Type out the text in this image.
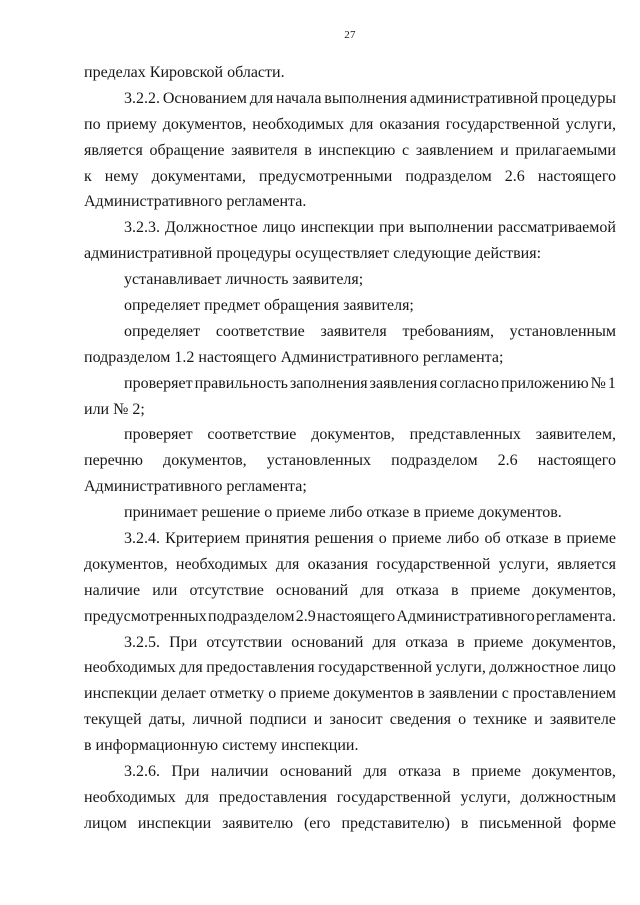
27
пределах Кировской области.
3.2.2. Основанием для начала выполнения административной процедуры
по приему документов, необходимых для оказания государственной услуги,
является обращение заявителя в инспекцию с заявлением и прилагаемыми
к нему документами, предусмотренными подразделом 2.6 настоящего
Административного регламента.
3.2.3. Должностное лицо инспекции при выполнении рассматриваемой
административной процедуры осуществляет следующие действия:
устанавливает личность заявителя;
определяет предмет обращения заявителя;
определяет соответствие заявителя требованиям, установленным
подразделом 1.2 настоящего Административного регламента;
проверяет правильность заполнения заявления согласно приложению № 1
или № 2;
проверяет соответствие документов, представленных заявителем,
перечню документов, установленных подразделом 2.6 настоящего
Административного регламента;
принимает решение о приеме либо отказе в приеме документов.
3.2.4. Критерием принятия решения о приеме либо об отказе в приеме
документов, необходимых для оказания государственной услуги, является
наличие или отсутствие оснований для отказа в приеме документов,
предусмотренных подразделом 2.9 настоящего Административного регламента.
3.2.5. При отсутствии оснований для отказа в приеме документов,
необходимых для предоставления государственной услуги, должностное лицо
инспекции делает отметку о приеме документов в заявлении с проставлением
текущей даты, личной подписи и заносит сведения о технике и заявителе
в информационную систему инспекции.
3.2.6. При наличии оснований для отказа в приеме документов,
необходимых для предоставления государственной услуги, должностным
лицом инспекции заявителю (его представителю) в письменной форме
